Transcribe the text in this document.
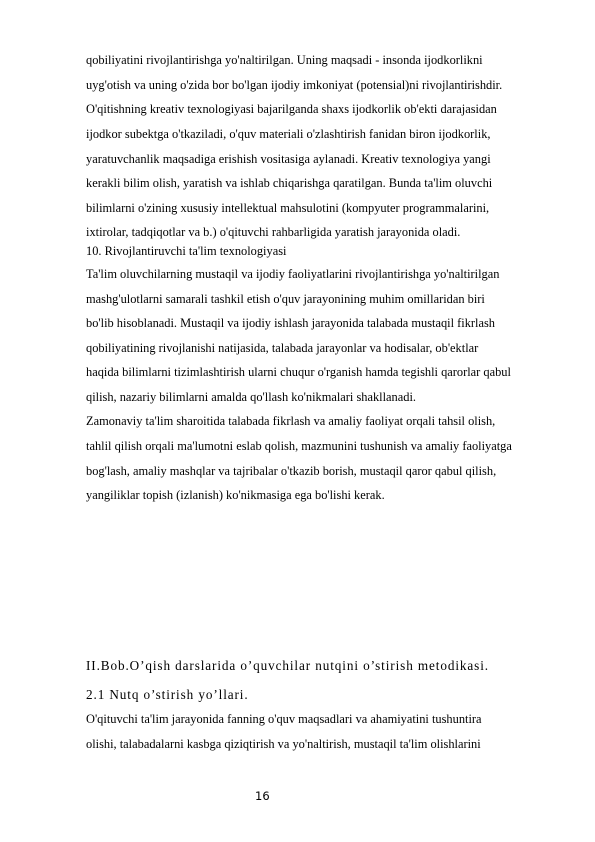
qobiliyatini rivojlantirishga yo'naltirilgan. Uning maqsadi - insonda ijodkorlikni
uyg'otish va uning o'zida bor bo'lgan ijodiy imkoniyat (potensial)ni rivojlantirishdir.
O'qitishning kreativ texnologiyasi bajarilganda shaxs ijodkorlik ob'ekti darajasidan
ijodkor subektga o'tkaziladi, o'quv materiali o'zlashtirish fanidan biron ijodkorlik,
yaratuvchanlik maqsadiga erishish vositasiga aylanadi. Kreativ texnologiya yangi
kerakli bilim olish, yaratish va ishlab chiqarishga qaratilgan. Bunda ta'lim oluvchi
bilimlarni o'zining xususiy intellektual mahsulotini (kompyuter programmalarini,
ixtirolar, tadqiqotlar va b.) o'qituvchi rahbarligida yaratish jarayonida oladi.
10. Rivojlantiruvchi ta'lim texnologiyasi
Ta'lim oluvchilarning mustaqil va ijodiy faoliyatlarini rivojlantirishga yo'naltirilgan
mashg'ulotlarni samarali tashkil etish o'quv jarayonining muhim omillaridan biri
bo'lib hisoblanadi. Mustaqil va ijodiy ishlash jarayonida talabada mustaqil fikrlash
qobiliyatining rivojlanishi natijasida, talabada jarayonlar va hodisalar, ob'ektlar
haqida bilimlarni tizimlashtirish ularni chuqur o'rganish hamda tegishli qarorlar qabul
qilish, nazariy bilimlarni amalda qo'llash ko'nikmalari shakllanadi.
Zamonaviy ta'lim sharoitida talabada fikrlash va amaliy faoliyat orqali tahsil olish,
tahlil qilish orqali ma'lumotni eslab qolish, mazmunini tushunish va amaliy faoliyatga
bog'lash, amaliy mashqlar va tajribalar o'tkazib borish, mustaqil qaror qabul qilish,
yangiliklar topish (izlanish) ko'nikmasiga ega bo'lishi kerak.
II.Bob.O’qish darslarida o’quvchilar nutqini o’stirish metodikasi.
2.1 Nutq o’stirish yo’llari.
O'qituvchi ta'lim jarayonida fanning o'quv maqsadlari va ahamiyatini tushuntira
olishi, talabadalarni kasbga qiziqtirish va yo'naltirish, mustaqil ta'lim olishlarini
16
